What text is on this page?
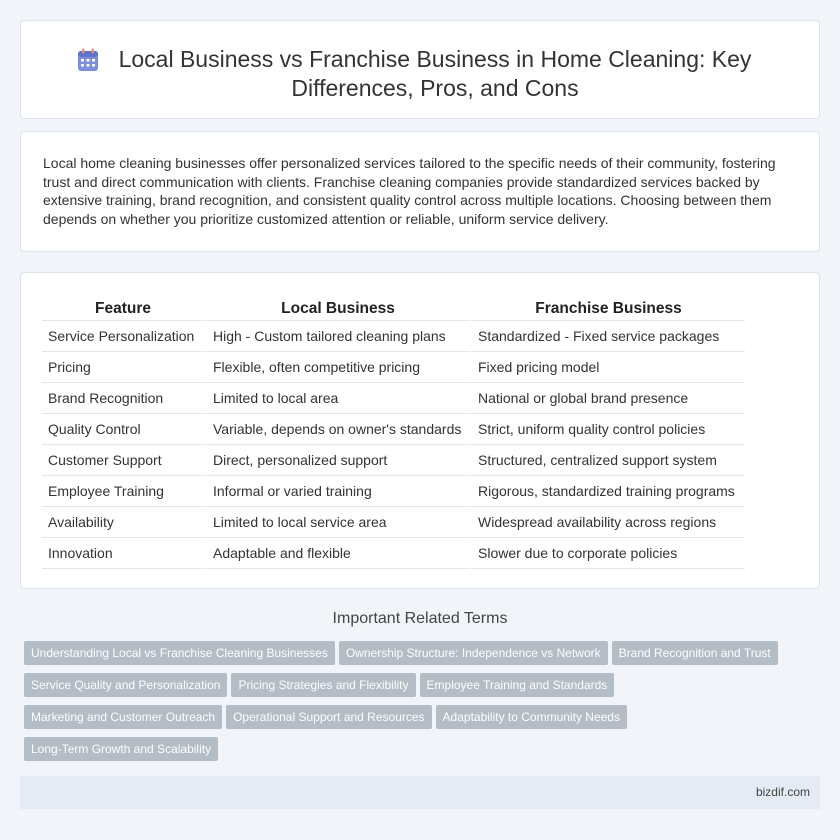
Local Business vs Franchise Business in Home Cleaning: Key Differences, Pros, and Cons

Local home cleaning businesses offer personalized services tailored to the specific needs of their community, fostering trust and direct communication with clients. Franchise cleaning companies provide standardized services backed by extensive training, brand recognition, and consistent quality control across multiple locations. Choosing between them depends on whether you prioritize customized attention or reliable, uniform service delivery.

Feature	Local Business	Franchise Business
Service Personalization	High - Custom tailored cleaning plans	Standardized - Fixed service packages
Pricing	Flexible, often competitive pricing	Fixed pricing model
Brand Recognition	Limited to local area	National or global brand presence
Quality Control	Variable, depends on owner's standards	Strict, uniform quality control policies
Customer Support	Direct, personalized support	Structured, centralized support system
Employee Training	Informal or varied training	Rigorous, standardized training programs
Availability	Limited to local service area	Widespread availability across regions
Innovation	Adaptable and flexible	Slower due to corporate policies
Important Related Terms
Understanding Local vs Franchise Cleaning Businesses Ownership Structure: Independence vs Network Brand Recognition and TrustService Quality and Personalization Pricing Strategies and Flexibility Employee Training and StandardsMarketing and Customer Outreach Operational Support and Resources Adaptability to Community NeedsLong-Term Growth and Scalability
bizdif.com
